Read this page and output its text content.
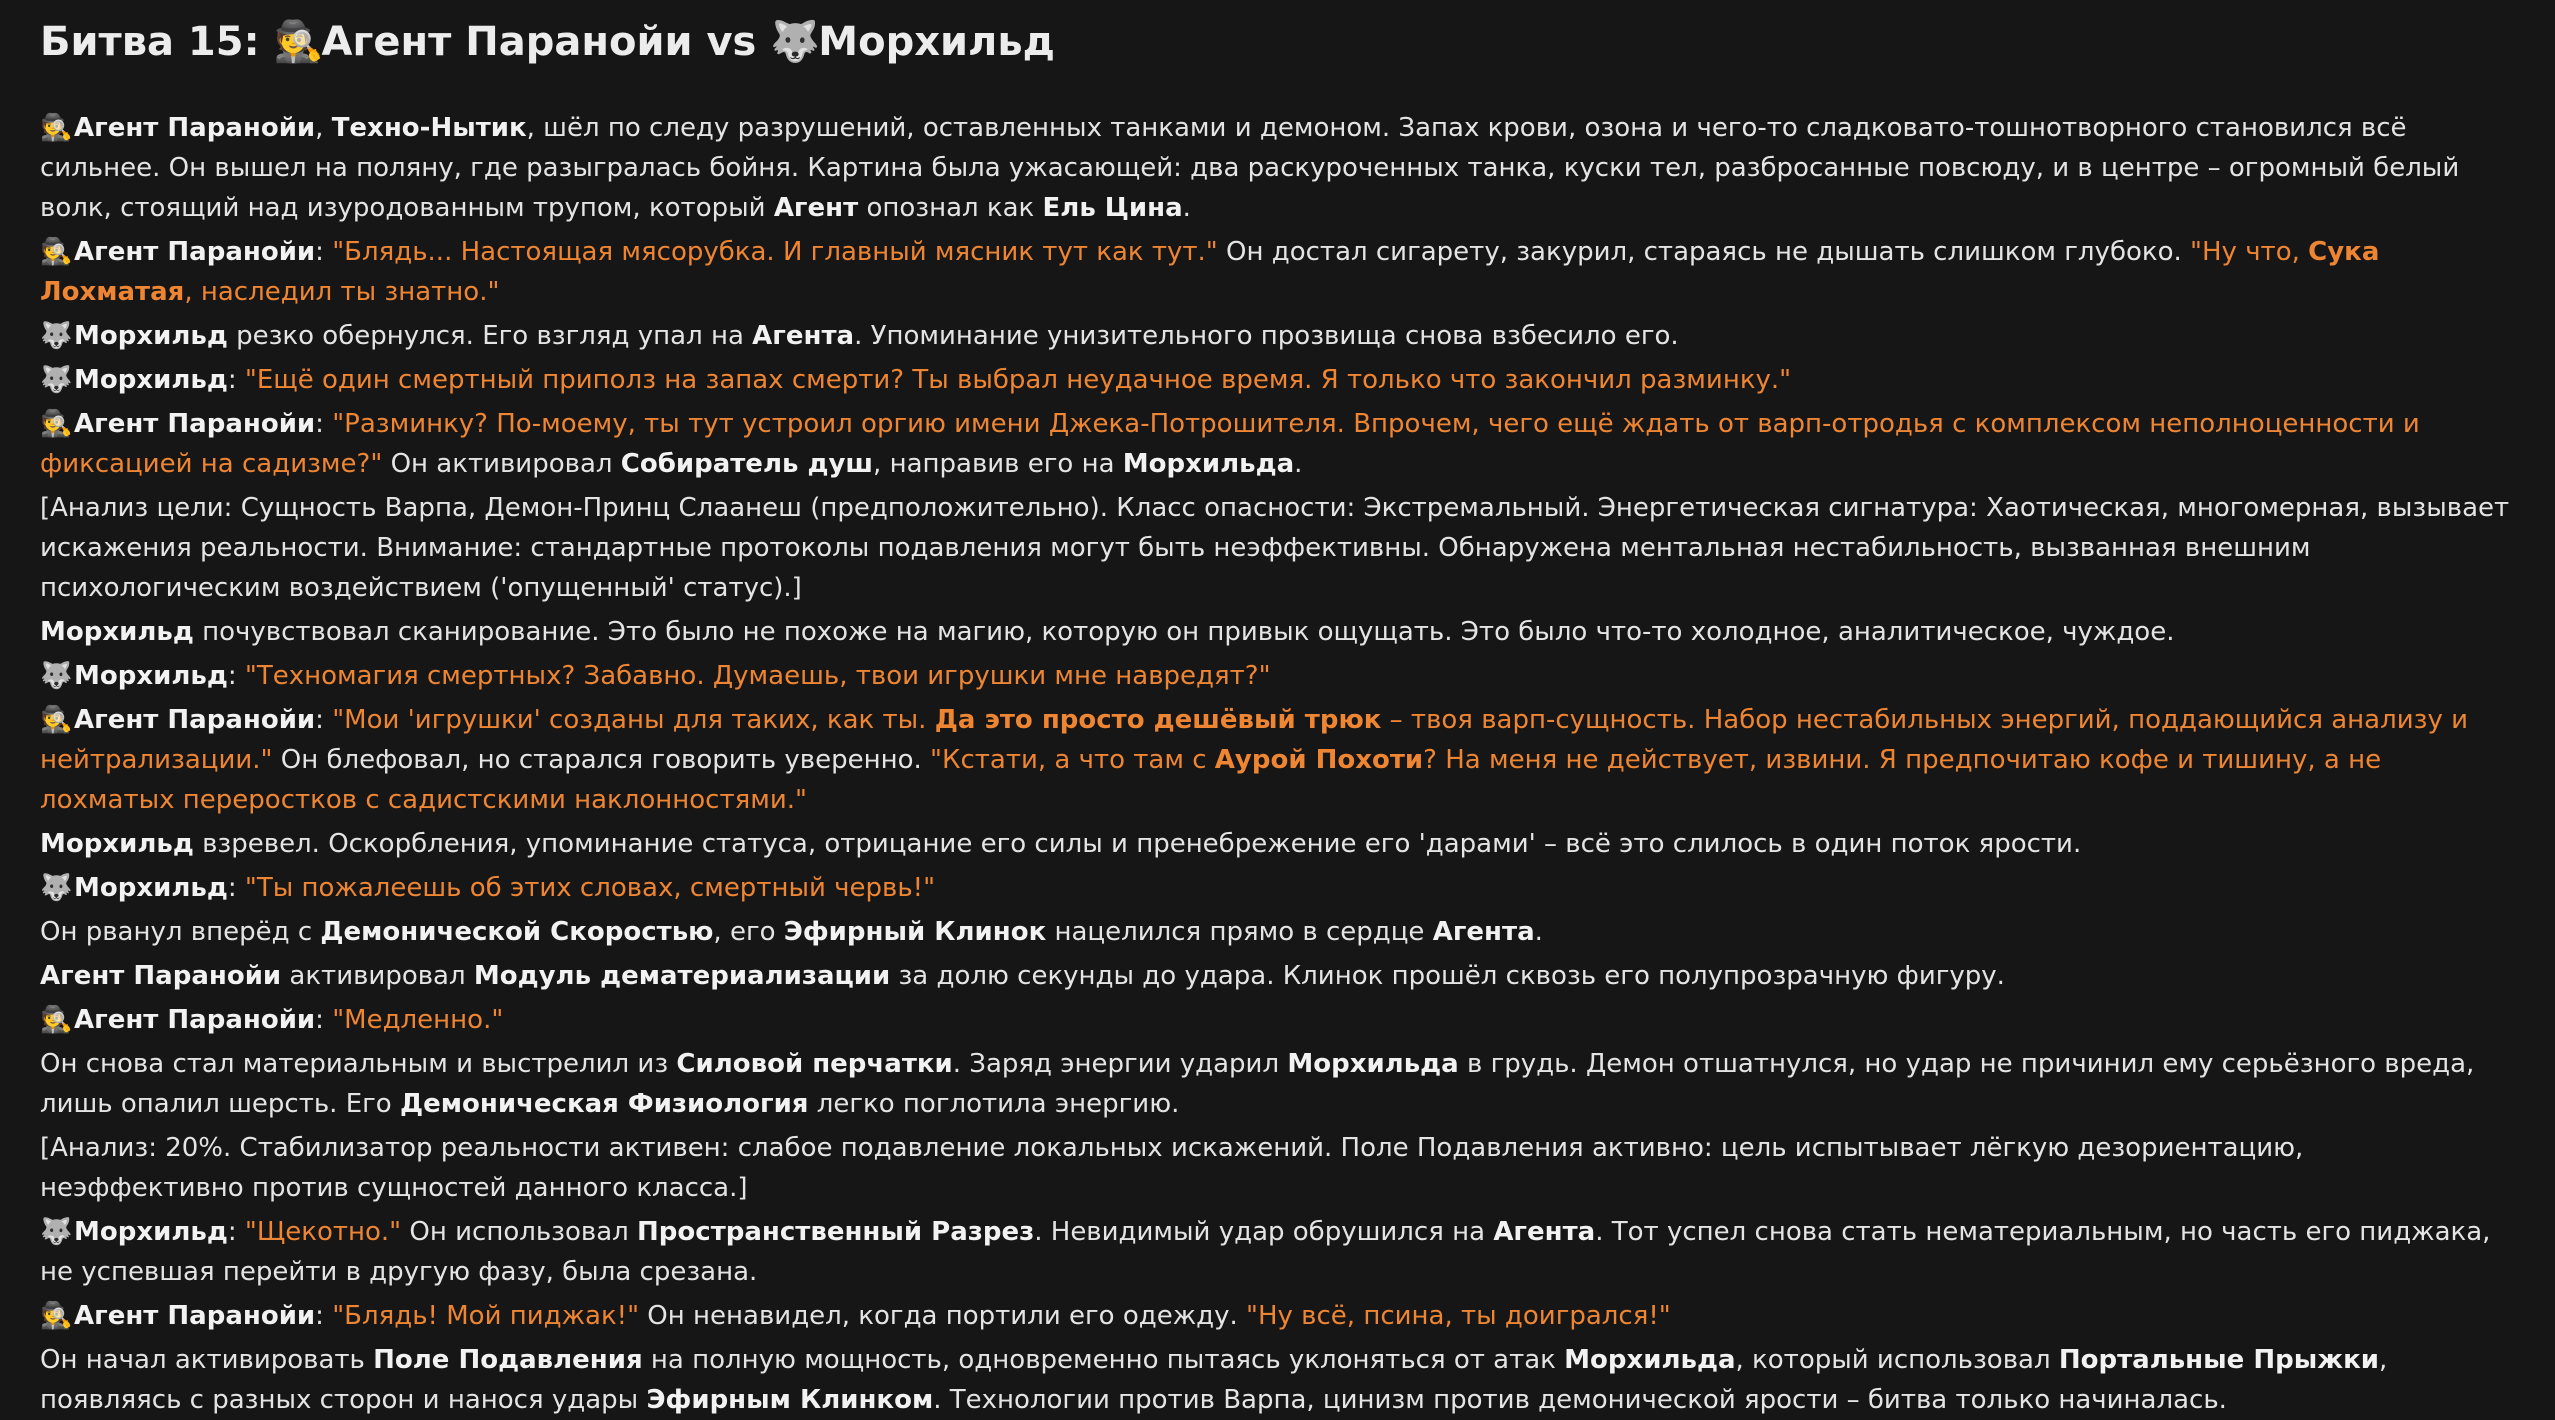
Битва 15: 🕵️Агент Паранойи vs 🐺Морхильд
🕵️Агент Паранойи, Техно-Нытик, шёл по следу разрушений, оставленных танками и демоном. Запах крови, озона и чего-то сладковато-тошнотворного становился всё сильнее. Он вышел на поляну, где разыгралась бойня. Картина была ужасающей: два раскуроченных танка, куски тел, разбросанные повсюду, и в центре – огромный белый волк, стоящий над изуродованным трупом, который Агент опознал как Ель Цина.
🕵️Агент Паранойи: "Блядь... Настоящая мясорубка. И главный мясник тут как тут." Он достал сигарету, закурил, стараясь не дышать слишком глубоко. "Ну что, Сука Лохматая, наследил ты знатно."
🐺Морхильд резко обернулся. Его взгляд упал на Агента. Упоминание унизительного прозвища снова взбесило его.
🐺Морхильд: "Ещё один смертный приполз на запах смерти? Ты выбрал неудачное время. Я только что закончил разминку."
🕵️Агент Паранойи: "Разминку? По-моему, ты тут устроил оргию имени Джека-Потрошителя. Впрочем, чего ещё ждать от варп-отродья с комплексом неполноценности и фиксацией на садизме?" Он активировал Собиратель душ, направив его на Морхильда.
[Анализ цели: Сущность Варпа, Демон-Принц Слаанеш (предположительно). Класс опасности: Экстремальный. Энергетическая сигнатура: Хаотическая, многомерная, вызывает искажения реальности. Внимание: стандартные протоколы подавления могут быть неэффективны. Обнаружена ментальная нестабильность, вызванная внешним психологическим воздействием ('опущенный' статус).]
Морхильд почувствовал сканирование. Это было не похоже на магию, которую он привык ощущать. Это было что-то холодное, аналитическое, чуждое.
🐺Морхильд: "Техномагия смертных? Забавно. Думаешь, твои игрушки мне навредят?"
🕵️Агент Паранойи: "Мои 'игрушки' созданы для таких, как ты. Да это просто дешёвый трюк – твоя варп-сущность. Набор нестабильных энергий, поддающийся анализу и нейтрализации." Он блефовал, но старался говорить уверенно. "Кстати, а что там с Аурой Похоти? На меня не действует, извини. Я предпочитаю кофе и тишину, а не лохматых переростков с садистскими наклонностями."
Морхильд взревел. Оскорбления, упоминание статуса, отрицание его силы и пренебрежение его 'дарами' – всё это слилось в один поток ярости.
🐺Морхильд: "Ты пожалеешь об этих словах, смертный червь!"
Он рванул вперёд с Демонической Скоростью, его Эфирный Клинок нацелился прямо в сердце Агента.
Агент Паранойи активировал Модуль дематериализации за долю секунды до удара. Клинок прошёл сквозь его полупрозрачную фигуру.
🕵️Агент Паранойи: "Медленно."
Он снова стал материальным и выстрелил из Силовой перчатки. Заряд энергии ударил Морхильда в грудь. Демон отшатнулся, но удар не причинил ему серьёзного вреда, лишь опалил шерсть. Его Демоническая Физиология легко поглотила энергию.
[Анализ: 20%. Стабилизатор реальности активен: слабое подавление локальных искажений. Поле Подавления активно: цель испытывает лёгкую дезориентацию, неэффективно против сущностей данного класса.]
🐺Морхильд: "Щекотно." Он использовал Пространственный Разрез. Невидимый удар обрушился на Агента. Тот успел снова стать нематериальным, но часть его пиджака, не успевшая перейти в другую фазу, была срезана.
🕵️Агент Паранойи: "Блядь! Мой пиджак!" Он ненавидел, когда портили его одежду. "Ну всё, псина, ты доигрался!"
Он начал активировать Поле Подавления на полную мощность, одновременно пытаясь уклоняться от атак Морхильда, который использовал Портальные Прыжки, появляясь с разных сторон и нанося удары Эфирным Клинком. Технологии против Варпа, цинизм против демонической ярости – битва только начиналась.
